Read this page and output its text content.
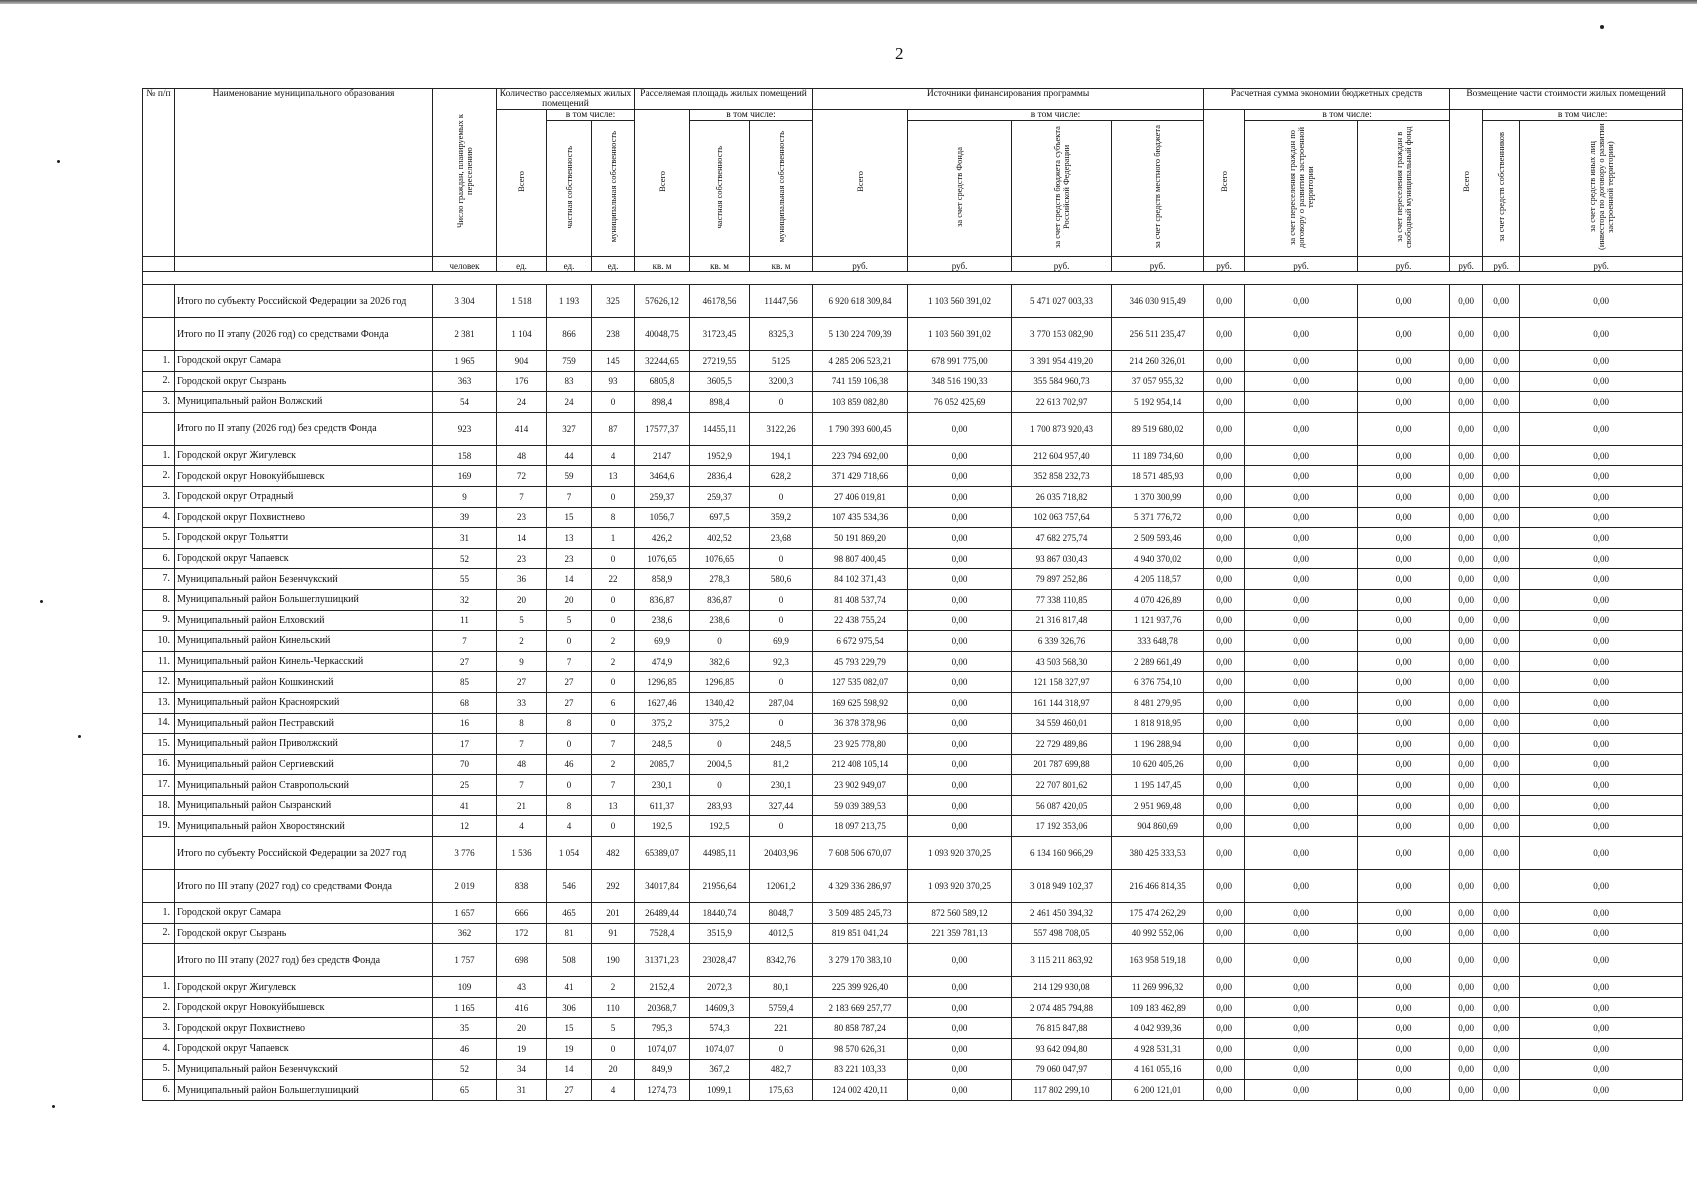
2
№ п/п	Наименование муниципального образования	Число граждан, планируемых к переселению	Количество расселяемых жилых помещений			Расселяемая площадь жилых помещений			Источники финансирования программы				Расчетная сумма экономии бюджетных средств			Возмещение части стоимости жилых помещений		
			Всего	в том числе:		Всего	в том числе:		Всего	в том числе:			Всего	в том числе:		Всего	в том числе:	
				частная собственность	муниципальная собственность		частная собственность	муниципальная собственность		за счет средств Фонда	за счет средств бюджета субъекта Российской Федерации	за счет средств местного бюджета		за счет переселения граждан по договору о развитии застроенной территории	за счет переселения граждан в свободный муниципальный фонд		за счет средств собственников	за счет средств иных лиц (инвестора по договору о развитии застроенной территории)
		человек	ед.	ед.	ед.	кв. м	кв. м	кв. м	руб.	руб.	руб.	руб.	руб.	руб.	руб.	руб.	руб.	руб.

	Итого по субъекту Российской Федерации за 2026 год	3 304	1 518	1 193	325	57626,12	46178,56	11447,56	6 920 618 309,84	1 103 560 391,02	5 471 027 003,33	346 030 915,49	0,00	0,00	0,00	0,00	0,00	0,00
	Итого по II этапу (2026 год) со средствами Фонда	2 381	1 104	866	238	40048,75	31723,45	8325,3	5 130 224 709,39	1 103 560 391,02	3 770 153 082,90	256 511 235,47	0,00	0,00	0,00	0,00	0,00	0,00
1.	Городской округ Самара	1 965	904	759	145	32244,65	27219,55	5125	4 285 206 523,21	678 991 775,00	3 391 954 419,20	214 260 326,01	0,00	0,00	0,00	0,00	0,00	0,00
2.	Городской округ Сызрань	363	176	83	93	6805,8	3605,5	3200,3	741 159 106,38	348 516 190,33	355 584 960,73	37 057 955,32	0,00	0,00	0,00	0,00	0,00	0,00
3.	Муниципальный район Волжский	54	24	24	0	898,4	898,4	0	103 859 082,80	76 052 425,69	22 613 702,97	5 192 954,14	0,00	0,00	0,00	0,00	0,00	0,00
	Итого по II этапу (2026 год) без средств Фонда	923	414	327	87	17577,37	14455,11	3122,26	1 790 393 600,45	0,00	1 700 873 920,43	89 519 680,02	0,00	0,00	0,00	0,00	0,00	0,00
1.	Городской округ Жигулевск	158	48	44	4	2147	1952,9	194,1	223 794 692,00	0,00	212 604 957,40	11 189 734,60	0,00	0,00	0,00	0,00	0,00	0,00
2.	Городской округ Новокуйбышевск	169	72	59	13	3464,6	2836,4	628,2	371 429 718,66	0,00	352 858 232,73	18 571 485,93	0,00	0,00	0,00	0,00	0,00	0,00
3.	Городской округ Отрадный	9	7	7	0	259,37	259,37	0	27 406 019,81	0,00	26 035 718,82	1 370 300,99	0,00	0,00	0,00	0,00	0,00	0,00
4.	Городской округ Похвистнево	39	23	15	8	1056,7	697,5	359,2	107 435 534,36	0,00	102 063 757,64	5 371 776,72	0,00	0,00	0,00	0,00	0,00	0,00
5.	Городской округ Тольятти	31	14	13	1	426,2	402,52	23,68	50 191 869,20	0,00	47 682 275,74	2 509 593,46	0,00	0,00	0,00	0,00	0,00	0,00
6.	Городской округ Чапаевск	52	23	23	0	1076,65	1076,65	0	98 807 400,45	0,00	93 867 030,43	4 940 370,02	0,00	0,00	0,00	0,00	0,00	0,00
7.	Муниципальный район Безенчукский	55	36	14	22	858,9	278,3	580,6	84 102 371,43	0,00	79 897 252,86	4 205 118,57	0,00	0,00	0,00	0,00	0,00	0,00
8.	Муниципальный район Большеглушицкий	32	20	20	0	836,87	836,87	0	81 408 537,74	0,00	77 338 110,85	4 070 426,89	0,00	0,00	0,00	0,00	0,00	0,00
9.	Муниципальный район Елховский	11	5	5	0	238,6	238,6	0	22 438 755,24	0,00	21 316 817,48	1 121 937,76	0,00	0,00	0,00	0,00	0,00	0,00
10.	Муниципальный район Кинельский	7	2	0	2	69,9	0	69,9	6 672 975,54	0,00	6 339 326,76	333 648,78	0,00	0,00	0,00	0,00	0,00	0,00
11.	Муниципальный район Кинель-Черкасский	27	9	7	2	474,9	382,6	92,3	45 793 229,79	0,00	43 503 568,30	2 289 661,49	0,00	0,00	0,00	0,00	0,00	0,00
12.	Муниципальный район Кошкинский	85	27	27	0	1296,85	1296,85	0	127 535 082,07	0,00	121 158 327,97	6 376 754,10	0,00	0,00	0,00	0,00	0,00	0,00
13.	Муниципальный район Красноярский	68	33	27	6	1627,46	1340,42	287,04	169 625 598,92	0,00	161 144 318,97	8 481 279,95	0,00	0,00	0,00	0,00	0,00	0,00
14.	Муниципальный район Пестравский	16	8	8	0	375,2	375,2	0	36 378 378,96	0,00	34 559 460,01	1 818 918,95	0,00	0,00	0,00	0,00	0,00	0,00
15.	Муниципальный район Приволжский	17	7	0	7	248,5	0	248,5	23 925 778,80	0,00	22 729 489,86	1 196 288,94	0,00	0,00	0,00	0,00	0,00	0,00
16.	Муниципальный район Сергиевский	70	48	46	2	2085,7	2004,5	81,2	212 408 105,14	0,00	201 787 699,88	10 620 405,26	0,00	0,00	0,00	0,00	0,00	0,00
17.	Муниципальный район Ставропольский	25	7	0	7	230,1	0	230,1	23 902 949,07	0,00	22 707 801,62	1 195 147,45	0,00	0,00	0,00	0,00	0,00	0,00
18.	Муниципальный район Сызранский	41	21	8	13	611,37	283,93	327,44	59 039 389,53	0,00	56 087 420,05	2 951 969,48	0,00	0,00	0,00	0,00	0,00	0,00
19.	Муниципальный район Хворостянский	12	4	4	0	192,5	192,5	0	18 097 213,75	0,00	17 192 353,06	904 860,69	0,00	0,00	0,00	0,00	0,00	0,00
	Итого по субъекту Российской Федерации за 2027 год	3 776	1 536	1 054	482	65389,07	44985,11	20403,96	7 608 506 670,07	1 093 920 370,25	6 134 160 966,29	380 425 333,53	0,00	0,00	0,00	0,00	0,00	0,00
	Итого по III этапу (2027 год) со средствами Фонда	2 019	838	546	292	34017,84	21956,64	12061,2	4 329 336 286,97	1 093 920 370,25	3 018 949 102,37	216 466 814,35	0,00	0,00	0,00	0,00	0,00	0,00
1.	Городской округ Самара	1 657	666	465	201	26489,44	18440,74	8048,7	3 509 485 245,73	872 560 589,12	2 461 450 394,32	175 474 262,29	0,00	0,00	0,00	0,00	0,00	0,00
2.	Городской округ Сызрань	362	172	81	91	7528,4	3515,9	4012,5	819 851 041,24	221 359 781,13	557 498 708,05	40 992 552,06	0,00	0,00	0,00	0,00	0,00	0,00
	Итого по III этапу (2027 год) без средств Фонда	1 757	698	508	190	31371,23	23028,47	8342,76	3 279 170 383,10	0,00	3 115 211 863,92	163 958 519,18	0,00	0,00	0,00	0,00	0,00	0,00
1.	Городской округ Жигулевск	109	43	41	2	2152,4	2072,3	80,1	225 399 926,40	0,00	214 129 930,08	11 269 996,32	0,00	0,00	0,00	0,00	0,00	0,00
2.	Городской округ Новокуйбышевск	1 165	416	306	110	20368,7	14609,3	5759,4	2 183 669 257,77	0,00	2 074 485 794,88	109 183 462,89	0,00	0,00	0,00	0,00	0,00	0,00
3.	Городской округ Похвистнево	35	20	15	5	795,3	574,3	221	80 858 787,24	0,00	76 815 847,88	4 042 939,36	0,00	0,00	0,00	0,00	0,00	0,00
4.	Городской округ Чапаевск	46	19	19	0	1074,07	1074,07	0	98 570 626,31	0,00	93 642 094,80	4 928 531,31	0,00	0,00	0,00	0,00	0,00	0,00
5.	Муниципальный район Безенчукский	52	34	14	20	849,9	367,2	482,7	83 221 103,33	0,00	79 060 047,97	4 161 055,16	0,00	0,00	0,00	0,00	0,00	0,00
6.	Муниципальный район Большеглушицкий	65	31	27	4	1274,73	1099,1	175,63	124 002 420,11	0,00	117 802 299,10	6 200 121,01	0,00	0,00	0,00	0,00	0,00	0,00
